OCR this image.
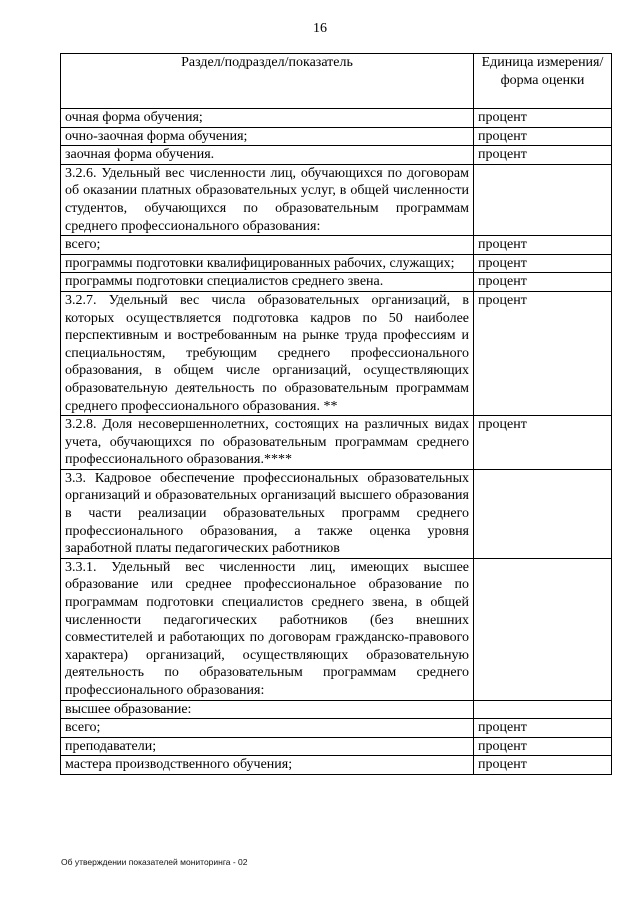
16
Раздел/подраздел/показатель	Единица измерения/ форма оценки
очная форма обучения;	процент
очно-заочная форма обучения;	процент
заочная форма обучения.	процент
3.2.6. Удельный вес численности лиц, обучающихся по договорам об оказании платных образовательных услуг, в общей численности студентов, обучающихся по образовательным программам среднего профессионального образования:	
всего;	процент
программы подготовки квалифицированных рабочих, служащих;	процент
программы подготовки специалистов среднего звена.	процент
3.2.7. Удельный вес числа образовательных организаций, в которых осуществляется подготовка кадров по 50 наиболее перспективным и востребованным на рынке труда профессиям и специальностям, требующим среднего профессионального образования, в общем числе организаций, осуществляющих образовательную деятельность по образовательным программам среднего профессионального образования. **	процент
3.2.8. Доля несовершеннолетних, состоящих на различных видах учета, обучающихся по образовательным программам среднего профессионального образования.****	процент
3.3. Кадровое обеспечение профессиональных образовательных организаций и образовательных организаций высшего образования в части реализации образовательных программ среднего профессионального образования, а также оценка уровня заработной платы педагогических работников	
3.3.1. Удельный вес численности лиц, имеющих высшее образование или среднее профессиональное образование по программам подготовки специалистов среднего звена, в общей численности педагогических работников (без внешних совместителей и работающих по договорам гражданско-правового характера) организаций, осуществляющих образовательную деятельность по образовательным программам среднего профессионального образования:	
высшее образование:	
всего;	процент
преподаватели;	процент
мастера производственного обучения;	процент
Об утверждении показателей мониторинга - 02
